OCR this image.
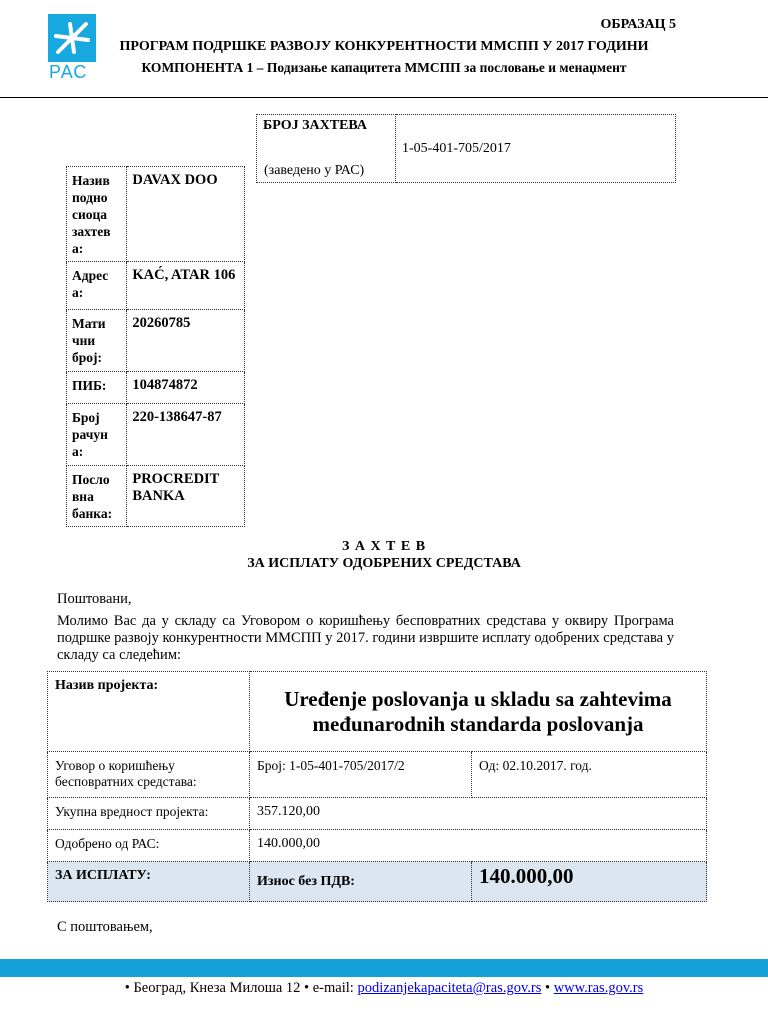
РАС
ОБРАЗАЦ 5
ПРОГРАМ ПОДРШКЕ РАЗВОЈУ КОНКУРЕНТНОСТИ ММСПП У 2017 ГОДИНИ
КОМПОНЕНТА 1 – Подизање капацитета ММСПП за пословање и менаџмент
БРОЈ ЗАХТЕВА
(заведено у РАС)
	1-05-401-705/2017
Назив подно сиоца захтев а:	DAVAX DOO
Адрес а:	KAĆ, ATAR 106
Мати чни број:	20260785
ПИБ:	104874872
Број рачун а:	220-138647-87
Посло вна банка:	PROCREDIT BANKA
З А Х Т Е В
ЗА ИСПЛАТУ ОДОБРЕНИХ СРЕДСТАВА
Поштовани,
Молимо Вас да у складу са Уговором о коришћењу бесповратних средстава у оквиру Програма подршке развоју конкурентности ММСПП у 2017. години извршите исплату одобрених средстава у складу са следећим:
Назив пројекта:	Uređenje poslovanja u skladu sa zahtevima međunarodnih standarda poslovanja	
Уговор о коришћењу бесповратних средстава:	Број: 1-05-401-705/2017/2	Од: 02.10.2017. год.
Укупна вредност пројекта:	357.120,00	
Одобрено од РАС:	140.000,00	
ЗА ИСПЛАТУ:	Износ без ПДВ:	140.000,00
С поштовањем,
• Београд, Кнеза Милоша 12 • e-mail: podizanjekapaciteta@ras.gov.rs • www.ras.gov.rs
